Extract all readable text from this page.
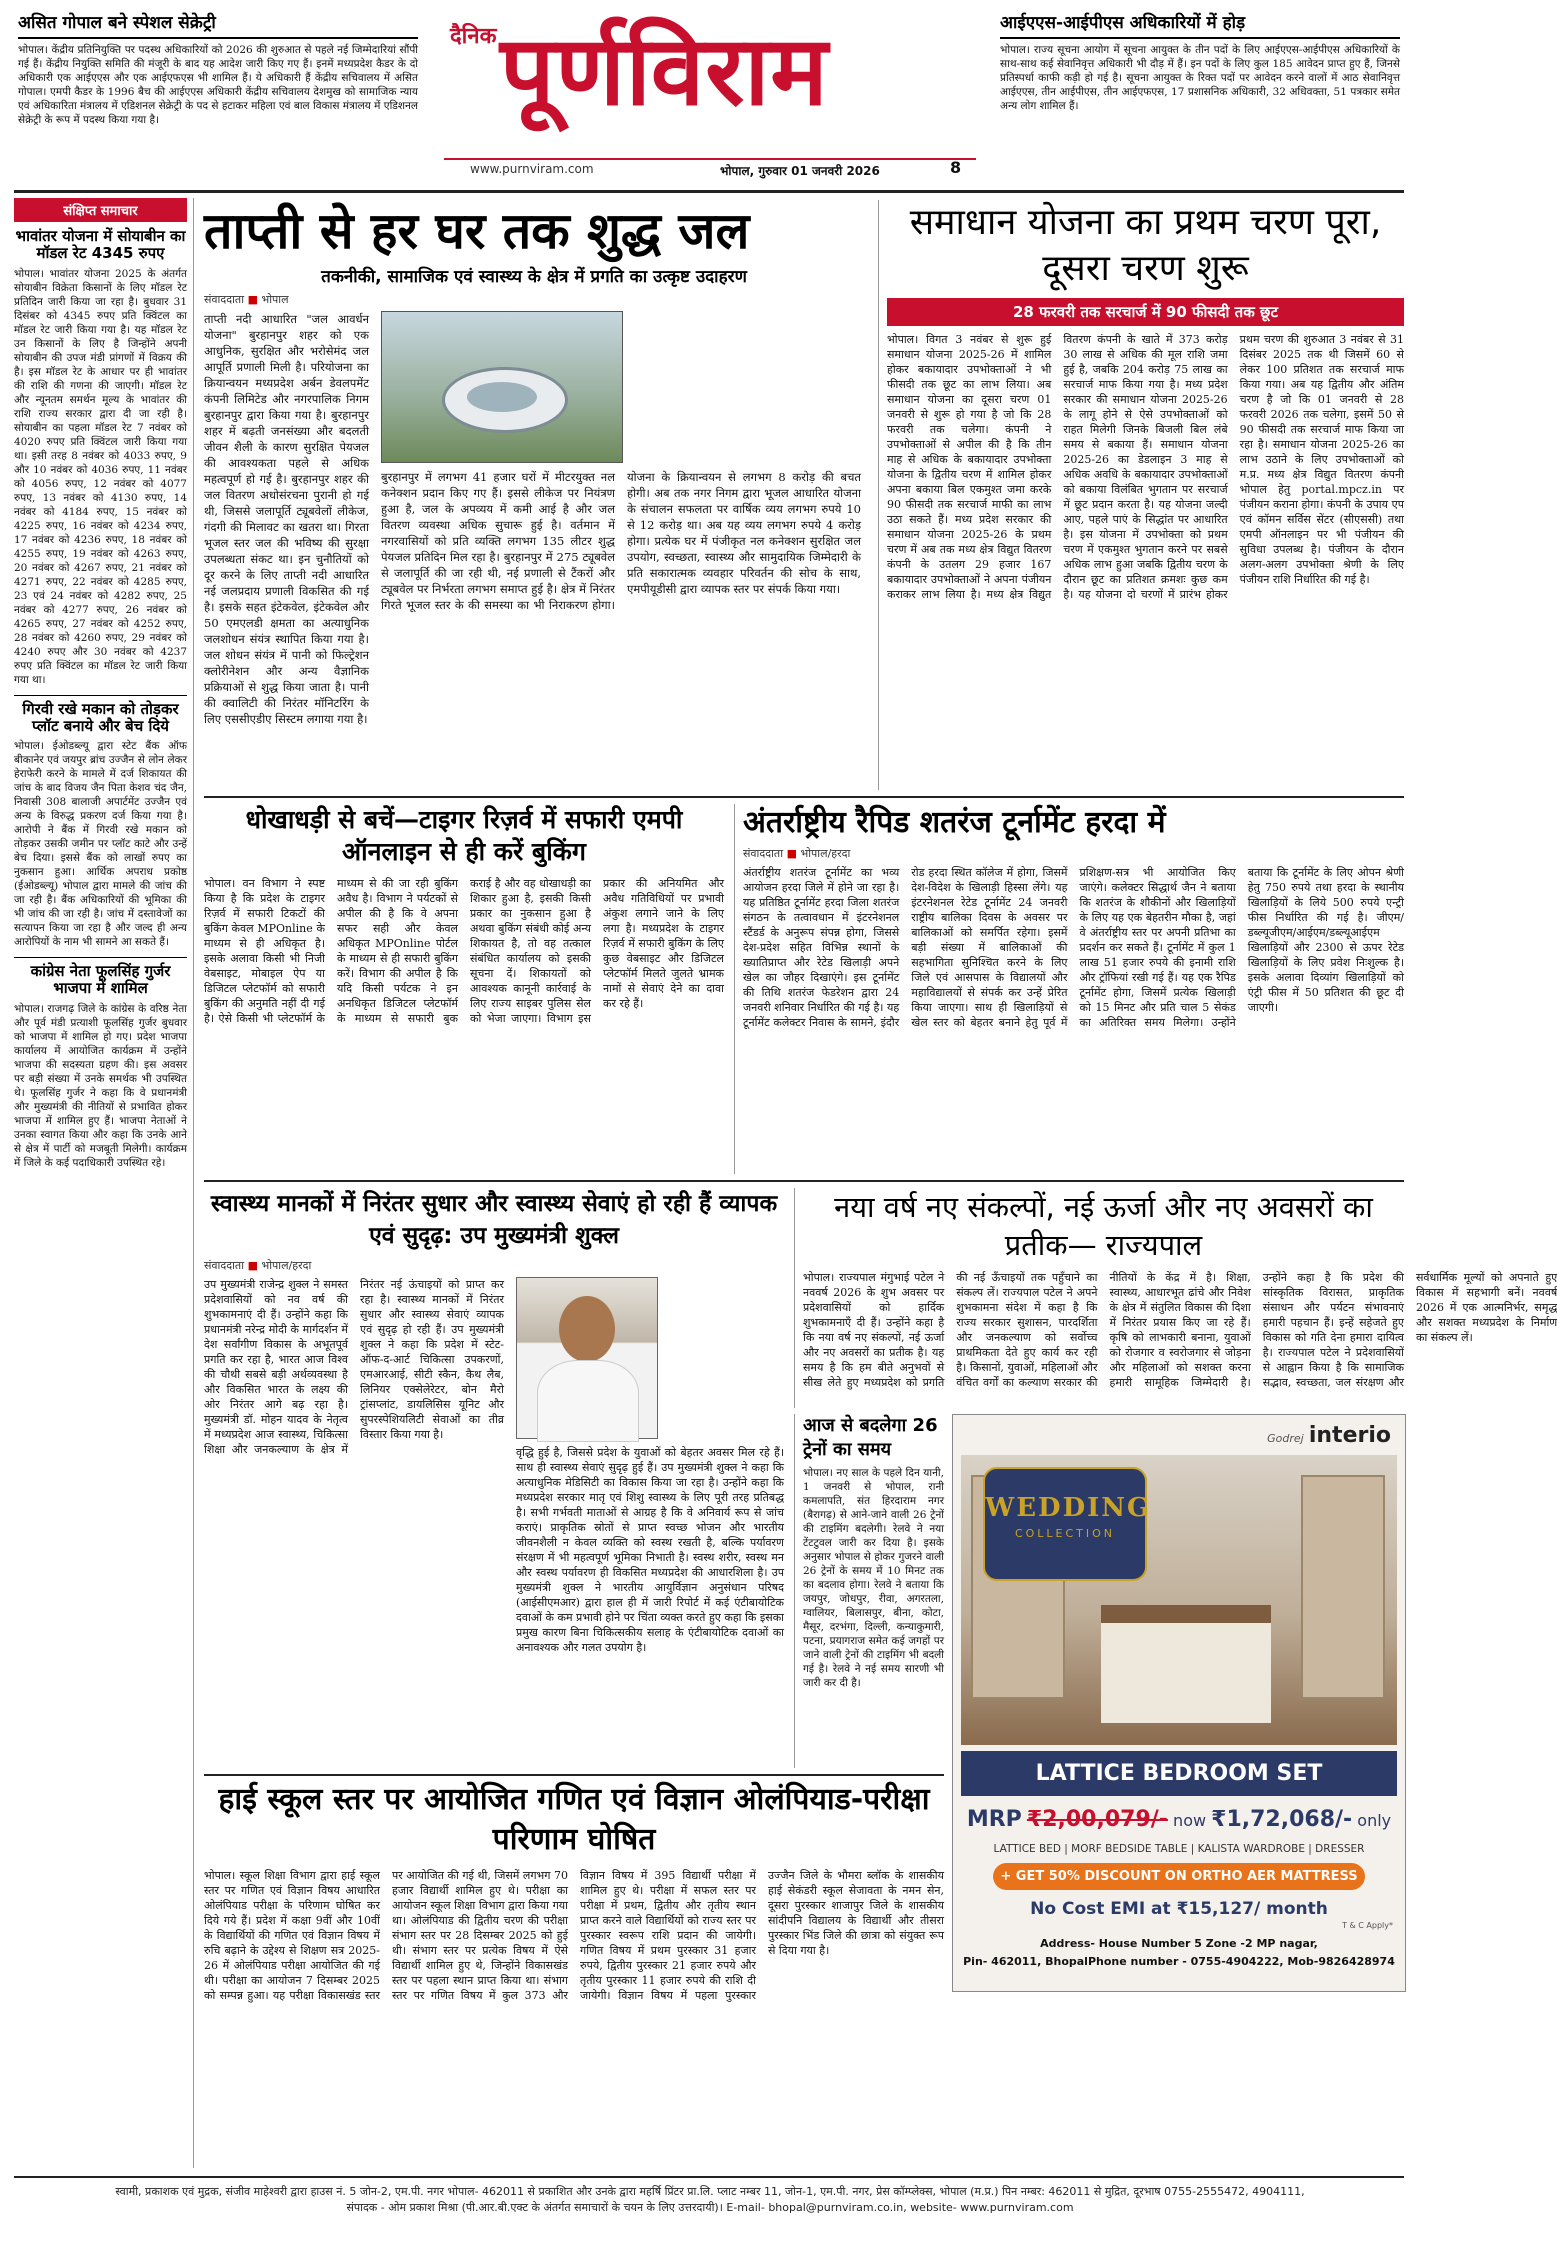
असित गोपाल बने स्पेशल सेक्रेट्री
भोपाल। केंद्रीय प्रतिनियुक्ति पर पदस्थ अधिकारियों को 2026 की शुरुआत से पहले नई जिम्मेदारियां सौंपी गई हैं। केंद्रीय नियुक्ति समिति की मंजूरी के बाद यह आदेश जारी किए गए हैं। इनमें मध्यप्रदेश कैडर के दो अधिकारी एक आईएएस और एक आईएफएस भी शामिल हैं। ये अधिकारी हैं केंद्रीय सचिवालय में असित गोपाल। एमपी कैडर के 1996 बैच की आईएएस अधिकारी केंद्रीय सचिवालय देशमुख को सामाजिक न्याय एवं अधिकारिता मंत्रालय में एडिशनल सेक्रेट्री के पद से हटाकर महिला एवं बाल विकास मंत्रालय में एडिशनल सेक्रेट्री के रूप में पदस्थ किया गया है।
दैनिक पूर्णविराम
www.purnviram.com	भोपाल, गुरुवार 01 जनवरी 2026	8
आईएएस-आईपीएस अधिकारियों में होड़
भोपाल। राज्य सूचना आयोग में सूचना आयुक्त के तीन पदों के लिए आईएएस-आईपीएस अधिकारियों के साथ-साथ कई सेवानिवृत्त अधिकारी भी दौड़ में हैं। इन पदों के लिए कुल 185 आवेदन प्राप्त हुए हैं, जिनसे प्रतिस्पर्धा काफी कड़ी हो गई है। सूचना आयुक्त के रिक्त पदों पर आवेदन करने वालों में आठ सेवानिवृत्त आईएएस, तीन आईपीएस, तीन आईएफएस, 17 प्रशासनिक अधिकारी, 32 अधिवक्ता, 51 पत्रकार समेत अन्य लोग शामिल हैं।
संक्षिप्त समाचार
भावांतर योजना में सोयाबीन का मॉडल रेट 4345 रुपए
भोपाल। भावांतर योजना 2025 के अंतर्गत सोयाबीन विक्रेता किसानों के लिए मॉडल रेट प्रतिदिन जारी किया जा रहा है। बुधवार 31 दिसंबर को 4345 रुपए प्रति क्विंटल का मॉडल रेट जारी किया गया है। यह मॉडल रेट उन किसानों के लिए है जिन्होंने अपनी सोयाबीन की उपज मंडी प्रांगणों में विक्रय की है। इस मॉडल रेट के आधार पर ही भावांतर की राशि की गणना की जाएगी। मॉडल रेट और न्यूनतम समर्थन मूल्य के भावांतर की राशि राज्य सरकार द्वारा दी जा रही है। सोयाबीन का पहला मॉडल रेट 7 नवंबर को 4020 रुपए प्रति क्विंटल जारी किया गया था। इसी तरह 8 नवंबर को 4033 रुपए, 9 और 10 नवंबर को 4036 रुपए, 11 नवंबर को 4056 रुपए, 12 नवंबर को 4077 रुपए, 13 नवंबर को 4130 रुपए, 14 नवंबर को 4184 रुपए, 15 नवंबर को 4225 रुपए, 16 नवंबर को 4234 रुपए, 17 नवंबर को 4236 रुपए, 18 नवंबर को 4255 रुपए, 19 नवंबर को 4263 रुपए, 20 नवंबर को 4267 रुपए, 21 नवंबर को 4271 रुपए, 22 नवंबर को 4285 रुपए, 23 एवं 24 नवंबर को 4282 रुपए, 25 नवंबर को 4277 रुपए, 26 नवंबर को 4265 रुपए, 27 नवंबर को 4252 रुपए, 28 नवंबर को 4260 रुपए, 29 नवंबर को 4240 रुपए और 30 नवंबर को 4237 रुपए प्रति क्विंटल का मॉडल रेट जारी किया गया था।
गिरवी रखे मकान को तोड़कर प्लॉट बनाये और बेच दिये
भोपाल। ईओडब्ल्यू द्वारा स्टेट बैंक ऑफ बीकानेर एवं जयपुर ब्रांच उज्जैन से लोन लेकर हेराफेरी करने के मामले में दर्ज शिकायत की जांच के बाद विजय जैन पिता केशव चंद जैन, निवासी 308 बालाजी अपार्टमेंट उज्जैन एवं अन्य के विरुद्ध प्रकरण दर्ज किया गया है। आरोपी ने बैंक में गिरवी रखे मकान को तोड़कर उसकी जमीन पर प्लॉट काटे और उन्हें बेच दिया। इससे बैंक को लाखों रुपए का नुकसान हुआ। आर्थिक अपराध प्रकोष्ठ (ईओडब्ल्यू) भोपाल द्वारा मामले की जांच की जा रही है। बैंक अधिकारियों की भूमिका की भी जांच की जा रही है। जांच में दस्तावेजों का सत्यापन किया जा रहा है और जल्द ही अन्य आरोपियों के नाम भी सामने आ सकते हैं।
कांग्रेस नेता फूलसिंह गुर्जर भाजपा में शामिल
भोपाल। राजगढ़ जिले के कांग्रेस के वरिष्ठ नेता और पूर्व मंडी प्रत्याशी फूलसिंह गुर्जर बुधवार को भाजपा में शामिल हो गए। प्रदेश भाजपा कार्यालय में आयोजित कार्यक्रम में उन्होंने भाजपा की सदस्यता ग्रहण की। इस अवसर पर बड़ी संख्या में उनके समर्थक भी उपस्थित थे। फूलसिंह गुर्जर ने कहा कि वे प्रधानमंत्री और मुख्यमंत्री की नीतियों से प्रभावित होकर भाजपा में शामिल हुए हैं। भाजपा नेताओं ने उनका स्वागत किया और कहा कि उनके आने से क्षेत्र में पार्टी को मजबूती मिलेगी। कार्यक्रम में जिले के कई पदाधिकारी उपस्थित रहे।
ताप्ती से हर घर तक शुद्ध जल
तकनीकी, सामाजिक एवं स्वास्थ्य के क्षेत्र में प्रगति का उत्कृष्ट उदाहरण
संवाददाता ■ भोपाल
ताप्ती नदी आधारित "जल आवर्धन योजना" बुरहानपुर शहर को एक आधुनिक, सुरक्षित और भरोसेमंद जल आपूर्ति प्रणाली मिली है। परियोजना का क्रियान्वयन मध्यप्रदेश अर्बन डेवलपमेंट कंपनी लिमिटेड और नगरपालिक निगम बुरहानपुर द्वारा किया गया है। बुरहानपुर शहर में बढ़ती जनसंख्या और बदलती जीवन शैली के कारण सुरक्षित पेयजल की आवश्यकता पहले से अधिक महत्वपूर्ण हो गई है। बुरहानपुर शहर की जल वितरण अधोसंरचना पुरानी हो गई थी, जिससे जलापूर्ति ट्यूबवेलों लीकेज, गंदगी की मिलावट का खतरा था। गिरता भूजल स्तर जल की भविष्य की सुरक्षा उपलब्धता संकट था। इन चुनौतियों को दूर करने के लिए ताप्ती नदी आधारित नई जलप्रदाय प्रणाली विकसित की गई है। इसके सहत इंटेकवेल, इंटेकवेल और 50 एमएलडी क्षमता का अत्याधुनिक जलशोधन संयंत्र स्थापित किया गया है। जल शोधन संयंत्र में पानी को फिल्ट्रेशन क्लोरीनेशन और अन्य वैज्ञानिक प्रक्रियाओं से शुद्ध किया जाता है। पानी की क्वालिटी की निरंतर मॉनिटरिंग के लिए एससीएडीए सिस्टम लगाया गया है।
बुरहानपुर में लगभग 41 हजार घरों में मीटरयुक्त नल कनेक्शन प्रदान किए गए हैं। इससे लीकेज पर नियंत्रण हुआ है, जल के अपव्यय में कमी आई है और जल वितरण व्यवस्था अधिक सुचारू हुई है। वर्तमान में नगरवासियों को प्रति व्यक्ति लगभग 135 लीटर शुद्ध पेयजल प्रतिदिन मिल रहा है। बुरहानपुर में 275 ट्यूबवेल से जलापूर्ति की जा रही थी, नई प्रणाली से टैंकरों और ट्यूबवेल पर निर्भरता लगभग समाप्त हुई है। क्षेत्र में निरंतर गिरते भूजल स्तर के की समस्या का भी निराकरण होगा। योजना के क्रियान्वयन से लगभग 8 करोड़ की बचत होगी। अब तक नगर निगम द्वारा भूजल आधारित योजना के संचालन सफलता पर वार्षिक व्यय लगभग रुपये 10 से 12 करोड़ था। अब यह व्यय लगभग रुपये 4 करोड़ होगा। प्रत्येक घर में पंजीकृत नल कनेक्शन सुरक्षित जल उपयोग, स्वच्छता, स्वास्थ्य और सामुदायिक जिम्मेदारी के प्रति सकारात्मक व्यवहार परिवर्तन की सोच के साथ, एमपीयूडीसी द्वारा व्यापक स्तर पर संपर्क किया गया।
समाधान योजना का प्रथम चरण पूरा, दूसरा चरण शुरू
28 फरवरी तक सरचार्ज में 90 फीसदी तक छूट
भोपाल। विगत 3 नवंबर से शुरू हुई समाधान योजना 2025-26 में शामिल होकर बकायादार उपभोक्ताओं ने भी फीसदी तक छूट का लाभ लिया। अब समाधान योजना का दूसरा चरण 01 जनवरी से शुरू हो गया है जो कि 28 फरवरी तक चलेगा। कंपनी ने उपभोक्ताओं से अपील की है कि तीन माह से अधिक के बकायादार उपभोक्ता योजना के द्वितीय चरण में शामिल होकर अपना बकाया बिल एकमुश्त जमा करके 90 फीसदी तक सरचार्ज माफी का लाभ उठा सकते हैं। मध्य प्रदेश सरकार की समाधान योजना 2025-26 के प्रथम चरण में अब तक मध्य क्षेत्र विद्युत वितरण कंपनी के उतलग 29 हजार 167 बकायादार उपभोक्ताओं ने अपना पंजीयन कराकर लाभ लिया है। मध्य क्षेत्र विद्युत वितरण कंपनी के खाते में 373 करोड़ 30 लाख से अधिक की मूल राशि जमा हुई है, जबकि 204 करोड़ 75 लाख का सरचार्ज माफ किया गया है। मध्य प्रदेश सरकार की समाधान योजना 2025-26 के लागू होने से ऐसे उपभोक्ताओं को राहत मिलेगी जिनके बिजली बिल लंबे समय से बकाया हैं। समाधान योजना 2025-26 का डेडलाइन 3 माह से अधिक अवधि के बकायादार उपभोक्ताओं को बकाया विलंबित भुगतान पर सरचार्ज में छूट प्रदान करता है। यह योजना जल्दी आए, पहले पाएं के सिद्धांत पर आधारित है। इस योजना में उपभोक्ता को प्रथम चरण में एकमुश्त भुगतान करने पर सबसे अधिक लाभ हुआ जबकि द्वितीय चरण के दौरान छूट का प्रतिशत क्रमशः कुछ कम है। यह योजना दो चरणों में प्रारंभ होकर प्रथम चरण की शुरुआत 3 नवंबर से 31 दिसंबर 2025 तक थी जिसमें 60 से लेकर 100 प्रतिशत तक सरचार्ज माफ किया गया। अब यह द्वितीय और अंतिम चरण है जो कि 01 जनवरी से 28 फरवरी 2026 तक चलेगा, इसमें 50 से 90 फीसदी तक सरचार्ज माफ किया जा रहा है। समाधान योजना 2025-26 का लाभ उठाने के लिए उपभोक्ताओं को म.प्र. मध्य क्षेत्र विद्युत वितरण कंपनी भोपाल हेतु portal.mpcz.in पर पंजीयन कराना होगा। कंपनी के उपाय एप एवं कॉमन सर्विस सेंटर (सीएससी) तथा एमपी ऑनलाइन पर भी पंजीयन की सुविधा उपलब्ध है। पंजीयन के दौरान अलग-अलग उपभोक्ता श्रेणी के लिए पंजीयन राशि निर्धारित की गई है।
धोखाधड़ी से बचें—टाइगर रिज़र्व में सफारी एमपी ऑनलाइन से ही करें बुकिंग
भोपाल। वन विभाग ने स्पष्ट किया है कि प्रदेश के टाइगर रिज़र्व में सफारी टिकटों की बुकिंग केवल MPOnline के माध्यम से ही अधिकृत है। इसके अलावा किसी भी निजी वेबसाइट, मोबाइल ऐप या डिजिटल प्लेटफॉर्म को सफारी बुकिंग की अनुमति नहीं दी गई है। ऐसे किसी भी प्लेटफॉर्म के माध्यम से की जा रही बुकिंग अवैध है। विभाग ने पर्यटकों से अपील की है कि वे अपना सफर सही और केवल अधिकृत MPOnline पोर्टल के माध्यम से ही सफारी बुकिंग करें। विभाग की अपील है कि यदि किसी पर्यटक ने इन अनधिकृत डिजिटल प्लेटफॉर्म के माध्यम से सफारी बुक कराई है और वह धोखाधड़ी का शिकार हुआ है, इसकी किसी प्रकार का नुकसान हुआ है अथवा बुकिंग संबंधी कोई अन्य शिकायत है, तो वह तत्काल संबंधित कार्यालय को इसकी सूचना दें। शिकायतों को आवश्यक कानूनी कार्रवाई के लिए राज्य साइबर पुलिस सेल को भेजा जाएगा। विभाग इस प्रकार की अनियमित और अवैध गतिविधियों पर प्रभावी अंकुश लगाने जाने के लिए लगा है। मध्यप्रदेश के टाइगर रिज़र्व में सफारी बुकिंग के लिए कुछ वेबसाइट और डिजिटल प्लेटफॉर्म मिलते जुलते भ्रामक नामों से सेवाएं देने का दावा कर रहे हैं।
अंतर्राष्ट्रीय रैपिड शतरंज टूर्नामेंट हरदा में
संवाददाता ■ भोपाल/हरदा
अंतर्राष्ट्रीय शतरंज टूर्नामेंट का भव्य आयोजन हरदा जिले में होने जा रहा है। यह प्रतिष्ठित टूर्नामेंट हरदा जिला शतरंज संगठन के तत्वावधान में इंटरनेशनल स्टैंडर्ड के अनुरूप संपन्न होगा, जिससे देश-प्रदेश सहित विभिन्न स्थानों के ख्यातिप्राप्त और रेटेड खिलाड़ी अपने खेल का जौहर दिखाएंगे। इस टूर्नामेंट की तिथि शतरंज फेडरेशन द्वारा 24 जनवरी शनिवार निर्धारित की गई है। यह टूर्नामेंट कलेक्टर निवास के सामने, इंदौर रोड हरदा स्थित कॉलेज में होगा, जिसमें देश-विदेश के खिलाड़ी हिस्सा लेंगे। यह इंटरनेशनल रेटेड टूर्नामेंट 24 जनवरी राष्ट्रीय बालिका दिवस के अवसर पर बालिकाओं को समर्पित रहेगा। इसमें बड़ी संख्या में बालिकाओं की सहभागिता सुनिश्चित करने के लिए जिले एवं आसपास के विद्यालयों और महाविद्यालयों से संपर्क कर उन्हें प्रेरित किया जाएगा। साथ ही खिलाड़ियों से खेल स्तर को बेहतर बनाने हेतु पूर्व में प्रशिक्षण-सत्र भी आयोजित किए जाएंगे। कलेक्टर सिद्धार्थ जैन ने बताया कि शतरंज के शौकीनों और खिलाड़ियों के लिए यह एक बेहतरीन मौका है, जहां वे अंतर्राष्ट्रीय स्तर पर अपनी प्रतिभा का प्रदर्शन कर सकते हैं। टूर्नामेंट में कुल 1 लाख 51 हजार रुपये की इनामी राशि और ट्रॉफियां रखी गई हैं। यह एक रैपिड टूर्नामेंट होगा, जिसमें प्रत्येक खिलाड़ी को 15 मिनट और प्रति चाल 5 सेकंड का अतिरिक्त समय मिलेगा। उन्होंने बताया कि टूर्नामेंट के लिए ओपन श्रेणी हेतु 750 रुपये तथा हरदा के स्थानीय खिलाड़ियों के लिये 500 रुपये एन्ट्री फीस निर्धारित की गई है। जीएम/डब्ल्यूजीएम/आईएम/डब्ल्यूआईएम खिलाड़ियों और 2300 से ऊपर रेटेड खिलाड़ियों के लिए प्रवेश निःशुल्क है। इसके अलावा दिव्यांग खिलाड़ियों को एंट्री फीस में 50 प्रतिशत की छूट दी जाएगी।
स्वास्थ्य मानकों में निरंतर सुधार और स्वास्थ्य सेवाएं हो रही हैं व्यापक एवं सुदृढ़: उप मुख्यमंत्री शुक्ल
संवाददाता ■ भोपाल/हरदा
उप मुख्यमंत्री राजेन्द्र शुक्ल ने समस्त प्रदेशवासियों को नव वर्ष की शुभकामनाएं दी हैं। उन्होंने कहा कि प्रधानमंत्री नरेन्द्र मोदी के मार्गदर्शन में देश सर्वांगीण विकास के अभूतपूर्व प्रगति कर रहा है, भारत आज विश्व की चौथी सबसे बड़ी अर्थव्यवस्था है और विकसित भारत के लक्ष्य की ओर निरंतर आगे बढ़ रहा है। मुख्यमंत्री डॉ. मोहन यादव के नेतृत्व में मध्यप्रदेश आज स्वास्थ्य, चिकित्सा शिक्षा और जनकल्याण के क्षेत्र में निरंतर नई ऊंचाइयों को प्राप्त कर रहा है। स्वास्थ्य मानकों में निरंतर सुधार और स्वास्थ्य सेवाएं व्यापक एवं सुदृढ़ हो रही हैं। उप मुख्यमंत्री शुक्ल ने कहा कि प्रदेश में स्टेट-ऑफ-द-आर्ट चिकित्सा उपकरणों, एमआरआई, सीटी स्कैन, कैथ लैब, लिनियर एक्सेलेरेटर, बोन मैरो ट्रांसप्लांट, डायलिसिस यूनिट और सुपरस्पेशियलिटी सेवाओं का तीव्र विस्तार किया गया है।
वृद्धि हुई है, जिससे प्रदेश के युवाओं को बेहतर अवसर मिल रहे हैं। साथ ही स्वास्थ्य सेवाएं सुदृढ़ हुई हैं। उप मुख्यमंत्री शुक्ल ने कहा कि अत्याधुनिक मेडिसिटी का विकास किया जा रहा है। उन्होंने कहा कि मध्यप्रदेश सरकार मातृ एवं शिशु स्वास्थ्य के लिए पूरी तरह प्रतिबद्ध है। सभी गर्भवती माताओं से आग्रह है कि वे अनिवार्य रूप से जांच कराएं। प्राकृतिक स्रोतों से प्राप्त स्वच्छ भोजन और भारतीय जीवनशैली न केवल व्यक्ति को स्वस्थ रखती है, बल्कि पर्यावरण संरक्षण में भी महत्वपूर्ण भूमिका निभाती है। स्वस्थ शरीर, स्वस्थ मन और स्वस्थ पर्यावरण ही विकसित मध्यप्रदेश की आधारशिला है। उप मुख्यमंत्री शुक्ल ने भारतीय आयुर्विज्ञान अनुसंधान परिषद (आईसीएमआर) द्वारा हाल ही में जारी रिपोर्ट में कई एंटीबायोटिक दवाओं के कम प्रभावी होने पर चिंता व्यक्त करते हुए कहा कि इसका प्रमुख कारण बिना चिकित्सकीय सलाह के एंटीबायोटिक दवाओं का अनावश्यक और गलत उपयोग है।
नया वर्ष नए संकल्पों, नई ऊर्जा और नए अवसरों का प्रतीक— राज्यपाल
भोपाल। राज्यपाल मंगुभाई पटेल ने नववर्ष 2026 के शुभ अवसर पर प्रदेशवासियों को हार्दिक शुभकामनाएँ दी हैं। उन्होंने कहा है कि नया वर्ष नए संकल्पों, नई ऊर्जा और नए अवसरों का प्रतीक है। यह समय है कि हम बीते अनुभवों से सीख लेते हुए मध्यप्रदेश को प्रगति की नई ऊँचाइयों तक पहुँचाने का संकल्प लें। राज्यपाल पटेल ने अपने शुभकामना संदेश में कहा है कि राज्य सरकार सुशासन, पारदर्शिता और जनकल्याण को सर्वोच्च प्राथमिकता देते हुए कार्य कर रही है। किसानों, युवाओं, महिलाओं और वंचित वर्गों का कल्याण सरकार की नीतियों के केंद्र में है। शिक्षा, स्वास्थ्य, आधारभूत ढांचे और निवेश के क्षेत्र में संतुलित विकास की दिशा में निरंतर प्रयास किए जा रहे हैं। कृषि को लाभकारी बनाना, युवाओं को रोजगार व स्वरोजगार से जोड़ना और महिलाओं को सशक्त करना हमारी सामूहिक जिम्मेदारी है। उन्होंने कहा है कि प्रदेश की सांस्कृतिक विरासत, प्राकृतिक संसाधन और पर्यटन संभावनाएं हमारी पहचान हैं। इन्हें सहेजते हुए विकास को गति देना हमारा दायित्व है। राज्यपाल पटेल ने प्रदेशवासियों से आह्वान किया है कि सामाजिक सद्भाव, स्वच्छता, जल संरक्षण और सर्वधार्मिक मूल्यों को अपनाते हुए विकास में सहभागी बनें। नववर्ष 2026 में एक आत्मनिर्भर, समृद्ध और सशक्त मध्यप्रदेश के निर्माण का संकल्प लें।
आज से बदलेगा 26 ट्रेनों का समय
भोपाल। नए साल के पहले दिन यानी, 1 जनवरी से भोपाल, रानी कमलापति, संत हिरदाराम नगर (बैरागढ़) से आने-जाने वाली 26 ट्रेनों की टाइमिंग बदलेगी। रेलवे ने नया टेंटटुवल जारी कर दिया है। इसके अनुसार भोपाल से होकर गुजरने वाली 26 ट्रेनों के समय में 10 मिनट तक का बदलाव होगा। रेलवे ने बताया कि जयपुर, जोधपुर, रीवा, अगरतला, ग्वालियर, बिलासपुर, बीना, कोटा, मैसूर, दरभंगा, दिल्ली, कन्याकुमारी, पटना, प्रयागराज समेत कई जगहों पर जाने वाली ट्रेनों की टाइमिंग भी बदली गई है। रेलवे ने नई समय सारणी भी जारी कर दी है।
Godrej interio
WEDDING
COLLECTION
LATTICE BEDROOM SET
MRP ₹2,00,079/- now ₹1,72,068/- only
LATTICE BED | MORF BEDSIDE TABLE | KALISTA WARDROBE | DRESSER
+ GET 50% DISCOUNT ON ORTHO AER MATTRESS
No Cost EMI at ₹15,127/ month
T & C Apply*
Address- House Number 5 Zone -2 MP nagar,
Pin- 462011, BhopalPhone number - 0755-4904222, Mob-9826428974
हाई स्कूल स्तर पर आयोजित गणित एवं विज्ञान ओलंपियाड-परीक्षा परिणाम घोषित
भोपाल। स्कूल शिक्षा विभाग द्वारा हाई स्कूल स्तर पर गणित एवं विज्ञान विषय आधारित ओलंपियाड परीक्षा के परिणाम घोषित कर दिये गये हैं। प्रदेश में कक्षा 9वीं और 10वीं के विद्यार्थियों की गणित एवं विज्ञान विषय में रुचि बढ़ाने के उद्देश्य से शिक्षण सत्र 2025-26 में ओलंपियाड परीक्षा आयोजित की गई थी। परीक्षा का आयोजन 7 दिसम्बर 2025 को सम्पन्न हुआ। यह परीक्षा विकासखंड स्तर पर आयोजित की गई थी, जिसमें लगभग 70 हजार विद्यार्थी शामिल हुए थे। परीक्षा का आयोजन स्कूल शिक्षा विभाग द्वारा किया गया था। ओलंपियाड की द्वितीय चरण की परीक्षा संभाग स्तर पर 28 दिसम्बर 2025 को हुई थी। संभाग स्तर पर प्रत्येक विषय में ऐसे विद्यार्थी शामिल हुए थे, जिन्होंने विकासखंड स्तर पर पहला स्थान प्राप्त किया था। संभाग स्तर पर गणित विषय में कुल 373 और विज्ञान विषय में 395 विद्यार्थी परीक्षा में शामिल हुए थे। परीक्षा में सफल स्तर पर परीक्षा में प्रथम, द्वितीय और तृतीय स्थान प्राप्त करने वाले विद्यार्थियों को राज्य स्तर पर पुरस्कार स्वरूप राशि प्रदान की जायेगी। गणित विषय में प्रथम पुरस्कार 31 हजार रुपये, द्वितीय पुरस्कार 21 हजार रुपये और तृतीय पुरस्कार 11 हजार रुपये की राशि दी जायेगी। विज्ञान विषय में पहला पुरस्कार उज्जैन जिले के भौमरा ब्लॉक के शासकीय हाई सेकंडरी स्कूल सेजावता के नमन सेन, दूसरा पुरस्कार शाजापुर जिले के शासकीय सांदीपनि विद्यालय के विद्यार्थी और तीसरा पुरस्कार भिंड जिले की छात्रा को संयुक्त रूप से दिया गया है।
स्वामी, प्रकाशक एवं मुद्रक, संजीव माहेश्वरी द्वारा हाउस नं. 5 जोन-2, एम.पी. नगर भोपाल- 462011 से प्रकाशित और उनके द्वारा महर्षि प्रिंटर प्रा.लि. प्लाट नम्बर 11, जोन-1, एम.पी. नगर, प्रेस कॉम्प्लेक्स, भोपाल (म.प्र.) पिन नम्बर: 462011 से मुद्रित, दूरभाष 0755-2555472, 4904111,
संपादक - ओम प्रकाश मिश्रा (पी.आर.बी.एक्ट के अंतर्गत समाचारों के चयन के लिए उत्तरदायी)। E-mail- bhopal@purnviram.co.in, website- www.purnviram.com
